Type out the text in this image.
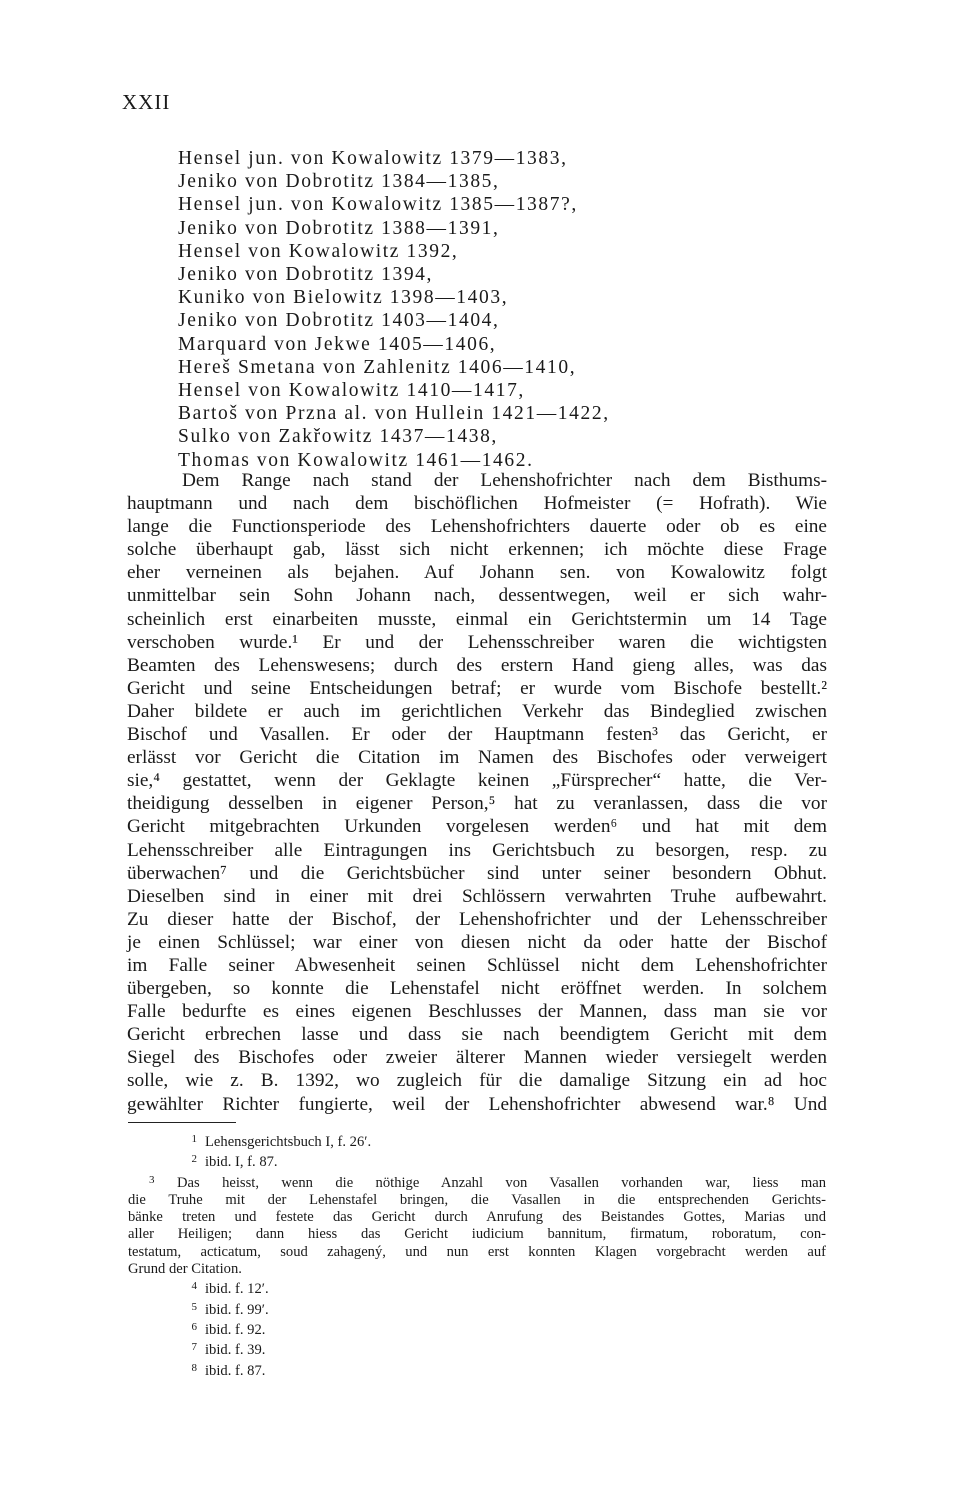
XXII
Hensel jun. von Kowalowitz 1379—1383,
Jeniko von Dobrotitz 1384—1385,
Hensel jun. von Kowalowitz 1385—1387?,
Jeniko von Dobrotitz 1388—1391,
Hensel von Kowalowitz 1392,
Jeniko von Dobrotitz 1394,
Kuniko von Bielowitz 1398—1403,
Jeniko von Dobrotitz 1403—1404,
Marquard von Jekwe 1405—1406,
Hereš Smetana von Zahlenitz 1406—1410,
Hensel von Kowalowitz 1410—1417,
Bartoš von Przna al. von Hullein 1421—1422,
Sulko von Zakřowitz 1437—1438,
Thomas von Kowalowitz 1461—1462.
Dem Range nach stand der Lehenshofrichter nach dem Bisthums-
hauptmann und nach dem bischöflichen Hofmeister (= Hofrath). Wie
lange die Functionsperiode des Lehenshofrichters dauerte oder ob es eine
solche überhaupt gab, lässt sich nicht erkennen; ich möchte diese Frage
eher verneinen als bejahen. Auf Johann sen. von Kowalowitz folgt
unmittelbar sein Sohn Johann nach, dessentwegen, weil er sich wahr-
scheinlich erst einarbeiten musste, einmal ein Gerichtstermin um 14 Tage
verschoben wurde.¹ Er und der Lehensschreiber waren die wichtigsten
Beamten des Lehenswesens; durch des erstern Hand gieng alles, was das
Gericht und seine Entscheidungen betraf; er wurde vom Bischofe bestellt.²
Daher bildete er auch im gerichtlichen Verkehr das Bindeglied zwischen
Bischof und Vasallen. Er oder der Hauptmann festen³ das Gericht, er
erlässt vor Gericht die Citation im Namen des Bischofes oder verweigert
sie,⁴ gestattet, wenn der Geklagte keinen „Fürsprecher“ hatte, die Ver-
theidigung desselben in eigener Person,⁵ hat zu veranlassen, dass die vor
Gericht mitgebrachten Urkunden vorgelesen werden⁶ und hat mit dem
Lehensschreiber alle Eintragungen ins Gerichtsbuch zu besorgen, resp. zu
überwachen⁷ und die Gerichtsbücher sind unter seiner besondern Obhut.
Dieselben sind in einer mit drei Schlössern verwahrten Truhe aufbewahrt.
Zu dieser hatte der Bischof, der Lehenshofrichter und der Lehensschreiber
je einen Schlüssel; war einer von diesen nicht da oder hatte der Bischof
im Falle seiner Abwesenheit seinen Schlüssel nicht dem Lehenshofrichter
übergeben, so konnte die Lehenstafel nicht eröffnet werden. In solchem
Falle bedurfte es eines eigenen Beschlusses der Mannen, dass man sie vor
Gericht erbrechen lasse und dass sie nach beendigtem Gericht mit dem
Siegel des Bischofes oder zweier älterer Mannen wieder versiegelt werden
solle, wie z. B. 1392, wo zugleich für die damalige Sitzung ein ad hoc
gewählter Richter fungierte, weil der Lehenshofrichter abwesend war.⁸ Und
1 Lehensgerichtsbuch I, f. 26′.
2 ibid. I, f. 87.
3 Das heisst, wenn die nöthige Anzahl von Vasallen vorhanden war, liess man
die Truhe mit der Lehenstafel bringen, die Vasallen in die entsprechenden Gerichts-
bänke treten und festete das Gericht durch Anrufung des Beistandes Gottes, Marias und
aller Heiligen; dann hiess das Gericht iudicium bannitum, firmatum, roboratum, con-
testatum, acticatum, soud zahagený, und nun erst konnten Klagen vorgebracht werden auf
Grund der Citation.
4 ibid. f. 12′.
5 ibid. f. 99′.
6 ibid. f. 92.
7 ibid. f. 39.
8 ibid. f. 87.
